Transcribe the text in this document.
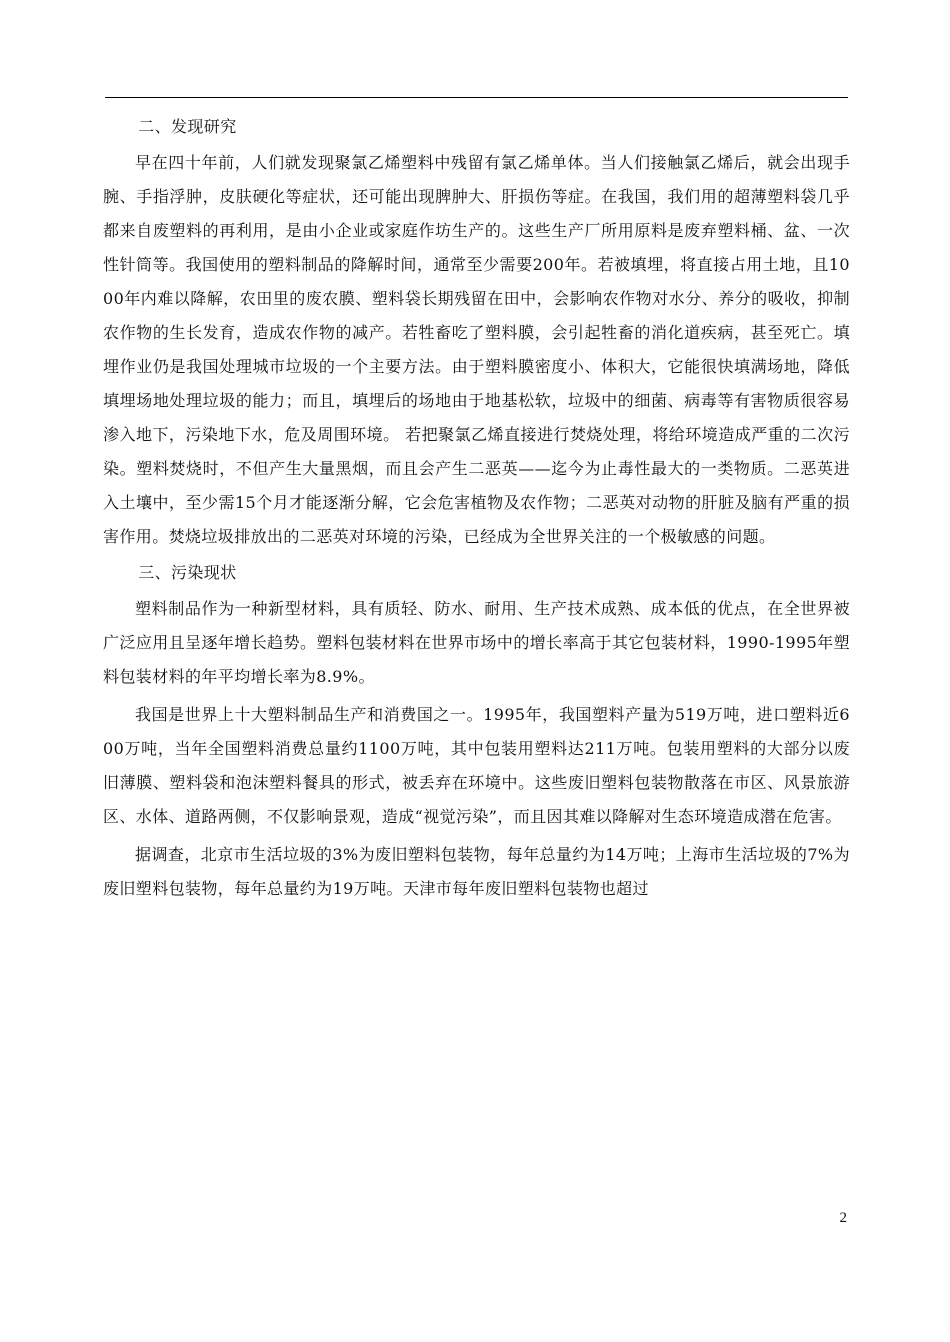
二、发现研究

早在四十年前，人们就发现聚氯乙烯塑料中残留有氯乙烯单体。当人们接触氯乙烯后，就会出现手腕、手指浮肿，皮肤硬化等症状，还可能出现脾肿大、肝损伤等症。在我国，我们用的超薄塑料袋几乎都来自废塑料的再利用，是由小企业或家庭作坊生产的。这些生产厂所用原料是废弃塑料桶、盆、一次性针筒等。我国使用的塑料制品的降解时间，通常至少需要200年。若被填埋，将直接占用土地，且1000年内难以降解，农田里的废农膜、塑料袋长期残留在田中，会影响农作物对水分、养分的吸收，抑制农作物的生长发育，造成农作物的减产。若牲畜吃了塑料膜，会引起牲畜的消化道疾病，甚至死亡。填埋作业仍是我国处理城市垃圾的一个主要方法。由于塑料膜密度小、体积大，它能很快填满场地，降低填埋场地处理垃圾的能力；而且，填埋后的场地由于地基松软，垃圾中的细菌、病毒等有害物质很容易渗入地下，污染地下水，危及周围环境。 若把聚氯乙烯直接进行焚烧处理，将给环境造成严重的二次污染。塑料焚烧时，不但产生大量黑烟，而且会产生二恶英——迄今为止毒性最大的一类物质。二恶英进入土壤中，至少需15个月才能逐渐分解，它会危害植物及农作物；二恶英对动物的肝脏及脑有严重的损害作用。焚烧垃圾排放出的二恶英对环境的污染，已经成为全世界关注的一个极敏感的问题。

三、污染现状

塑料制品作为一种新型材料，具有质轻、防水、耐用、生产技术成熟、成本低的优点，在全世界被广泛应用且呈逐年增长趋势。塑料包装材料在世界市场中的增长率高于其它包装材料，1990-1995年塑料包装材料的年平均增长率为8.9%。

我国是世界上十大塑料制品生产和消费国之一。1995年，我国塑料产量为519万吨，进口塑料近600万吨，当年全国塑料消费总量约1100万吨，其中包装用塑料达211万吨。包装用塑料的大部分以废旧薄膜、塑料袋和泡沫塑料餐具的形式，被丢弃在环境中。这些废旧塑料包装物散落在市区、风景旅游区、水体、道路两侧，不仅影响景观，造成“视觉污染”，而且因其难以降解对生态环境造成潜在危害。

据调查，北京市生活垃圾的3%为废旧塑料包装物，每年总量约为14万吨；上海市生活垃圾的7%为废旧塑料包装物，每年总量约为19万吨。天津市每年废旧塑料包装物也超过

2
